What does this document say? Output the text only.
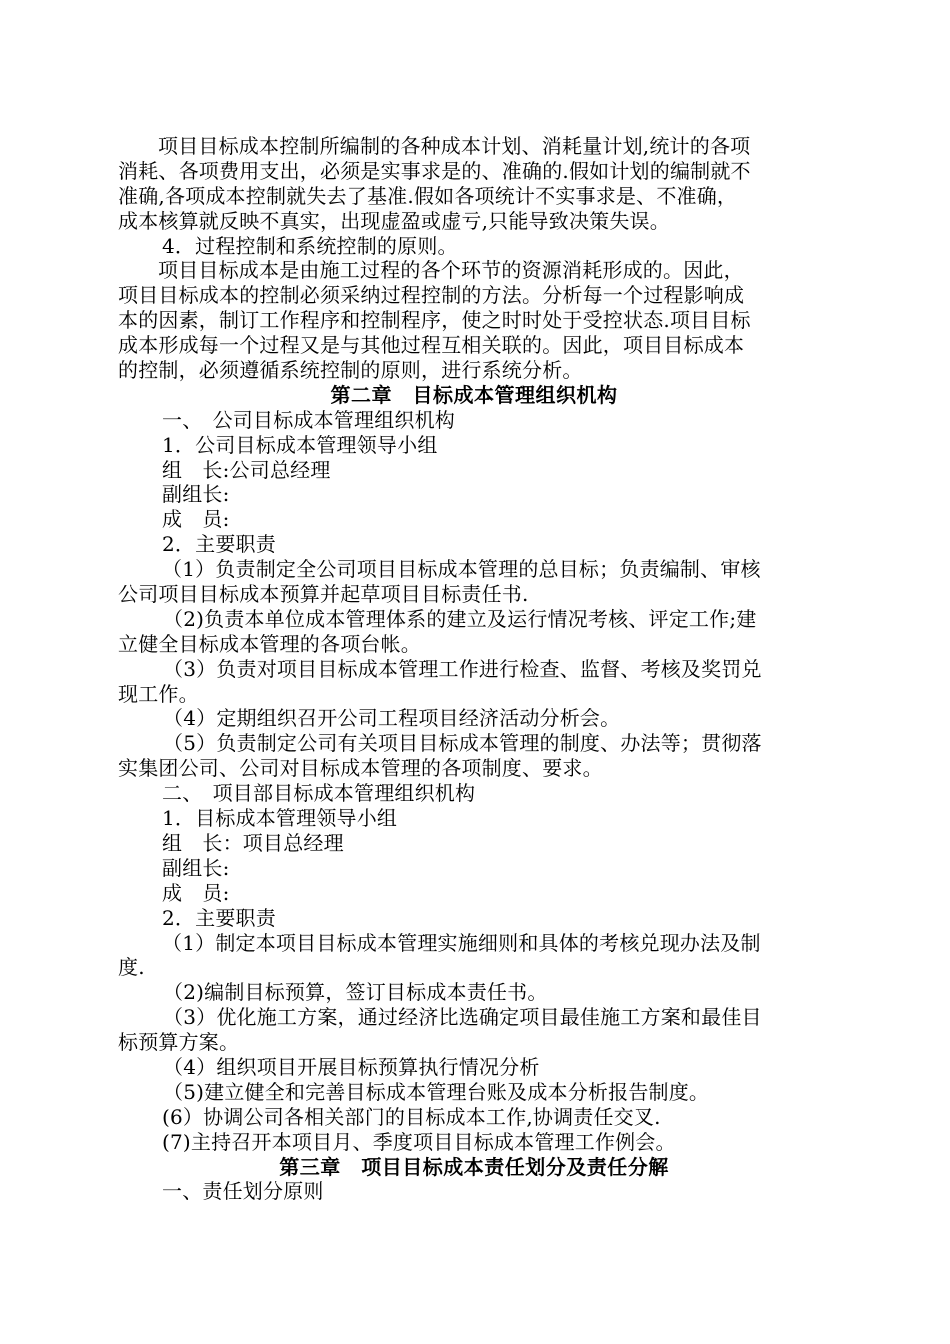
项目目标成本控制所编制的各种成本计划、消耗量计划,统计的各项
消耗、各项费用支出，必须是实事求是的、准确的.假如计划的编制就不
准确,各项成本控制就失去了基准.假如各项统计不实事求是、不准确，
成本核算就反映不真实，出现虚盈或虚亏,只能导致决策失误。
4．过程控制和系统控制的原则。
项目目标成本是由施工过程的各个环节的资源消耗形成的。因此，
项目目标成本的控制必须采纳过程控制的方法。分析每一个过程影响成
本的因素，制订工作程序和控制程序，使之时时处于受控状态.项目目标
成本形成每一个过程又是与其他过程互相关联的。因此，项目目标成本
的控制，必须遵循系统控制的原则，进行系统分析。
第二章　目标成本管理组织机构
一、　公司目标成本管理组织机构
1．公司目标成本管理领导小组
组　长:公司总经理
副组长:
成　员:
2．主要职责
（1）负责制定全公司项目目标成本管理的总目标；负责编制、审核
公司项目目标成本预算并起草项目目标责任书.
（2)负责本单位成本管理体系的建立及运行情况考核、评定工作;建
立健全目标成本管理的各项台帐。
（3）负责对项目目标成本管理工作进行检查、监督、考核及奖罚兑
现工作。
（4）定期组织召开公司工程项目经济活动分析会。
（5）负责制定公司有关项目目标成本管理的制度、办法等；贯彻落
实集团公司、公司对目标成本管理的各项制度、要求。
二、　项目部目标成本管理组织机构
1．目标成本管理领导小组
组　长：项目总经理
副组长:
成　员:
2．主要职责
（1）制定本项目目标成本管理实施细则和具体的考核兑现办法及制
度.
（2)编制目标预算，签订目标成本责任书。
（3）优化施工方案，通过经济比选确定项目最佳施工方案和最佳目
标预算方案。
（4）组织项目开展目标预算执行情况分析
（5)建立健全和完善目标成本管理台账及成本分析报告制度。
(6）协调公司各相关部门的目标成本工作,协调责任交叉.
(7)主持召开本项目月、季度项目目标成本管理工作例会。
第三章　项目目标成本责任划分及责任分解
一、责任划分原则
